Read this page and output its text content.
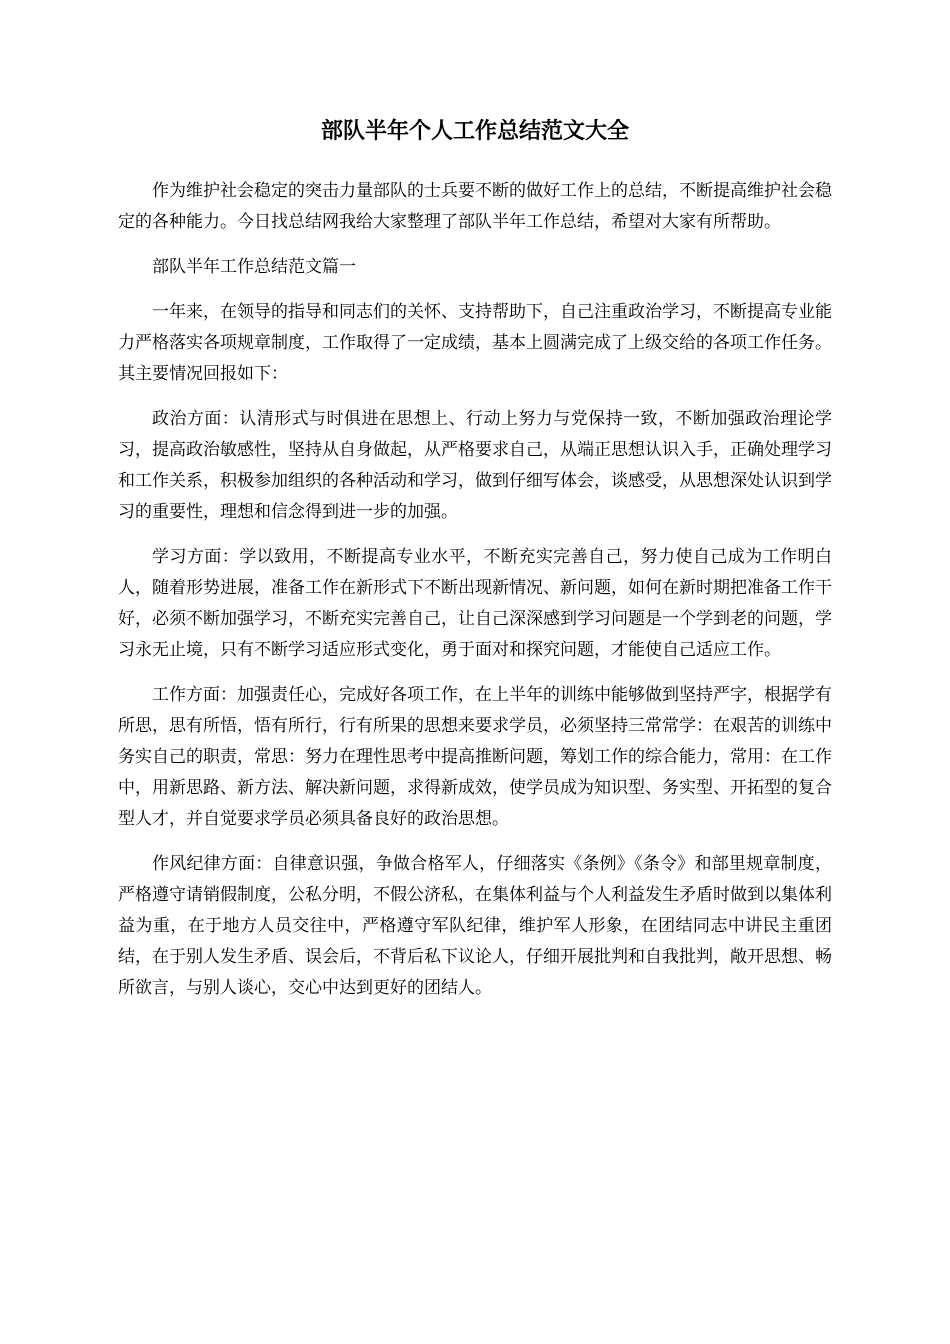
部队半年个人工作总结范文大全

作为维护社会稳定的突击力量部队的士兵要不断的做好工作上的总结，不断提高维护社会稳定的各种能力。今日找总结网我给大家整理了部队半年工作总结，希望对大家有所帮助。

部队半年工作总结范文篇一

一年来，在领导的指导和同志们的关怀、支持帮助下，自己注重政治学习，不断提高专业能力严格落实各项规章制度，工作取得了一定成绩，基本上圆满完成了上级交给的各项工作任务。其主要情况回报如下：

政治方面：认清形式与时俱进在思想上、行动上努力与党保持一致，不断加强政治理论学习，提高政治敏感性，坚持从自身做起，从严格要求自己，从端正思想认识入手，正确处理学习和工作关系，积极参加组织的各种活动和学习，做到仔细写体会，谈感受，从思想深处认识到学习的重要性，理想和信念得到进一步的加强。

学习方面：学以致用，不断提高专业水平，不断充实完善自己，努力使自己成为工作明白人，随着形势进展，准备工作在新形式下不断出现新情况、新问题，如何在新时期把准备工作干好，必须不断加强学习，不断充实完善自己，让自己深深感到学习问题是一个学到老的问题，学习永无止境，只有不断学习适应形式变化，勇于面对和探究问题，才能使自己适应工作。

工作方面：加强责任心，完成好各项工作，在上半年的训练中能够做到坚持严字，根据学有所思，思有所悟，悟有所行，行有所果的思想来要求学员，必须坚持三常常学：在艰苦的训练中务实自己的职责，常思：努力在理性思考中提高推断问题，筹划工作的综合能力，常用：在工作中，用新思路、新方法、解决新问题，求得新成效，使学员成为知识型、务实型、开拓型的复合型人才，并自觉要求学员必须具备良好的政治思想。

作风纪律方面：自律意识强，争做合格军人，仔细落实《条例》《条令》和部里规章制度，严格遵守请销假制度，公私分明，不假公济私，在集体利益与个人利益发生矛盾时做到以集体利益为重，在于地方人员交往中，严格遵守军队纪律，维护军人形象，在团结同志中讲民主重团结，在于别人发生矛盾、误会后，不背后私下议论人，仔细开展批判和自我批判，敞开思想、畅所欲言，与别人谈心，交心中达到更好的团结人。
